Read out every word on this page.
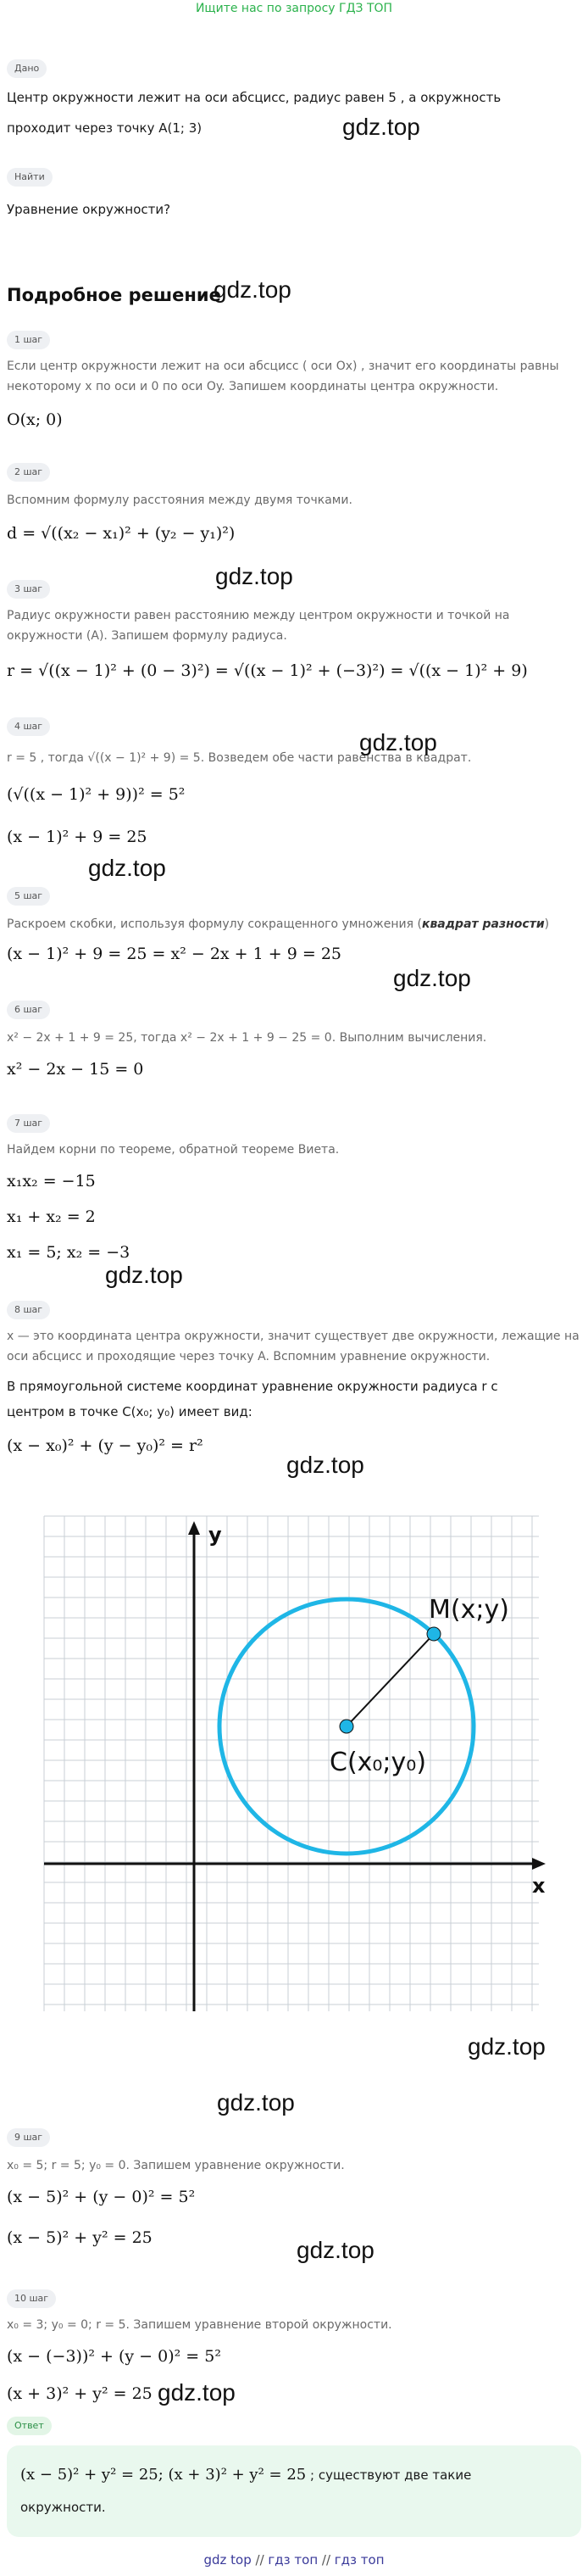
Ищите нас по запросу ГДЗ ТОП
Дано
Центр окружности лежит на оси абсцисс, радиус равен 5 , а окружность
проходит через точку A(1; 3)
Найти
Уравнение окружности?
Подробное решение
1 шаг
Если центр окружности лежит на оси абсцисс ( оси Ox) , значит его координаты равны
некоторому x по оси и 0 по оси Oy. Запишем координаты центра окружности.
O(x; 0)
2 шаг
Вспомним формулу расстояния между двумя точками.
d = √((x₂ − x₁)² + (y₂ − y₁)²)
3 шаг
Радиус окружности равен расстоянию между центром окружности и точкой на
окружности (A). Запишем формулу радиуса.
r = √((x − 1)² + (0 − 3)²) = √((x − 1)² + (−3)²) = √((x − 1)² + 9)
4 шаг
r = 5 , тогда √((x − 1)² + 9) = 5. Возведем обе части равенства в квадрат.
(√((x − 1)² + 9))² = 5²
(x − 1)² + 9 = 25
5 шаг
Раскроем скобки, используя формулу сокращенного умножения (квадрат разности)
(x − 1)² + 9 = 25 = x² − 2x + 1 + 9 = 25
6 шаг
x² − 2x + 1 + 9 = 25, тогда x² − 2x + 1 + 9 − 25 = 0. Выполним вычисления.
x² − 2x − 15 = 0
7 шаг
Найдем корни по теореме, обратной теореме Виета.
x₁x₂ = −15
x₁ + x₂ = 2
x₁ = 5; x₂ = −3
8 шаг
x — это координата центра окружности, значит существует две окружности, лежащие на
оси абсцисс и проходящие через точку A. Вспомним уравнение окружности.
В прямоугольной системе координат уравнение окружности радиуса r с
центром в точке C(x₀; y₀) имеет вид:
(x − x₀)² + (y − y₀)² = r²
y
x
M(x;y)
C(x₀;y₀)
9 шаг
x₀ = 5; r = 5; y₀ = 0. Запишем уравнение окружности.
(x − 5)² + (y − 0)² = 5²
(x − 5)² + y² = 25
10 шаг
x₀ = 3; y₀ = 0; r = 5. Запишем уравнение второй окружности.
(x − (−3))² + (y − 0)² = 5²
(x + 3)² + y² = 25
Ответ
(x − 5)² + y² = 25; (x + 3)² + y² = 25 ; существуют две такие
окружности.
gdz top // гдз топ // гдз топ
gdz.top
gdz.top
gdz.top
gdz.top
gdz.top
gdz.top
gdz.top
gdz.top
gdz.top
gdz.top
gdz.top
gdz.top
